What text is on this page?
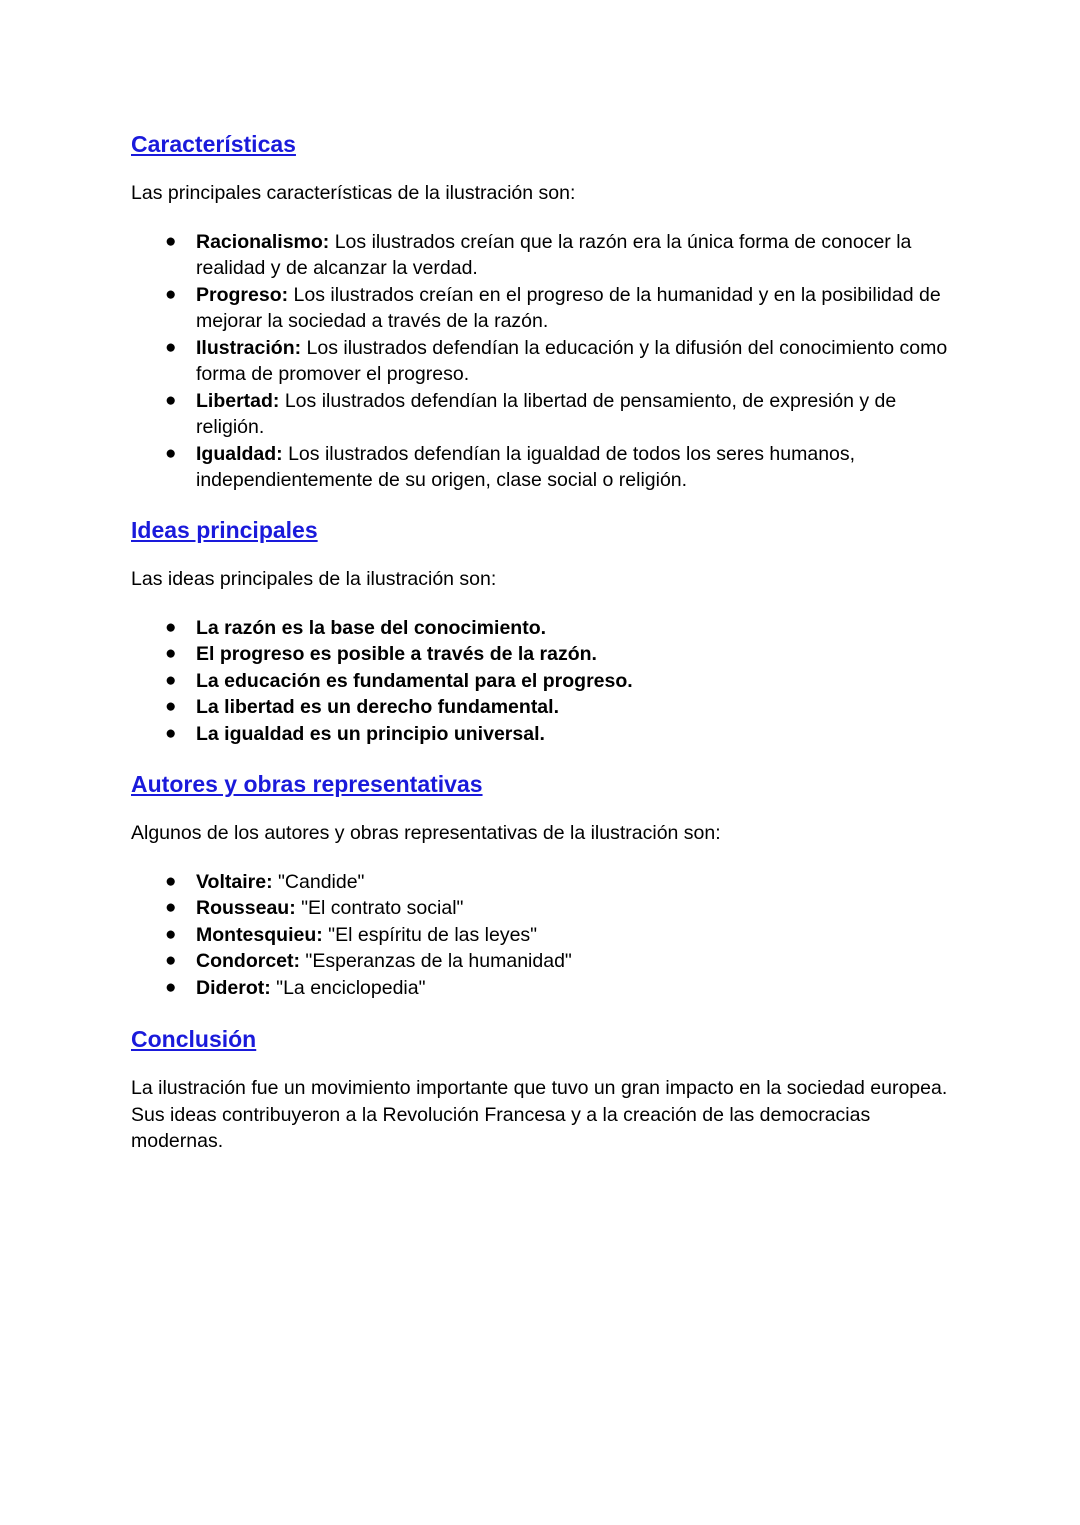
Características

Las principales características de la ilustración son:

● Racionalismo: Los ilustrados creían que la razón era la única forma de conocer la realidad y de alcanzar la verdad.
● Progreso: Los ilustrados creían en el progreso de la humanidad y en la posibilidad de mejorar la sociedad a través de la razón.
● Ilustración: Los ilustrados defendían la educación y la difusión del conocimiento como forma de promover el progreso.
● Libertad: Los ilustrados defendían la libertad de pensamiento, de expresión y de religión.
● Igualdad: Los ilustrados defendían la igualdad de todos los seres humanos, independientemente de su origen, clase social o religión.
Ideas principales

Las ideas principales de la ilustración son:

● La razón es la base del conocimiento.
● El progreso es posible a través de la razón.
● La educación es fundamental para el progreso.
● La libertad es un derecho fundamental.
● La igualdad es un principio universal.
Autores y obras representativas

Algunos de los autores y obras representativas de la ilustración son:

● Voltaire: "Candide"
● Rousseau: "El contrato social"
● Montesquieu: "El espíritu de las leyes"
● Condorcet: "Esperanzas de la humanidad"
● Diderot: "La enciclopedia"
Conclusión

La ilustración fue un movimiento importante que tuvo un gran impacto en la sociedad europea. Sus ideas contribuyeron a la Revolución Francesa y a la creación de las democracias modernas.
